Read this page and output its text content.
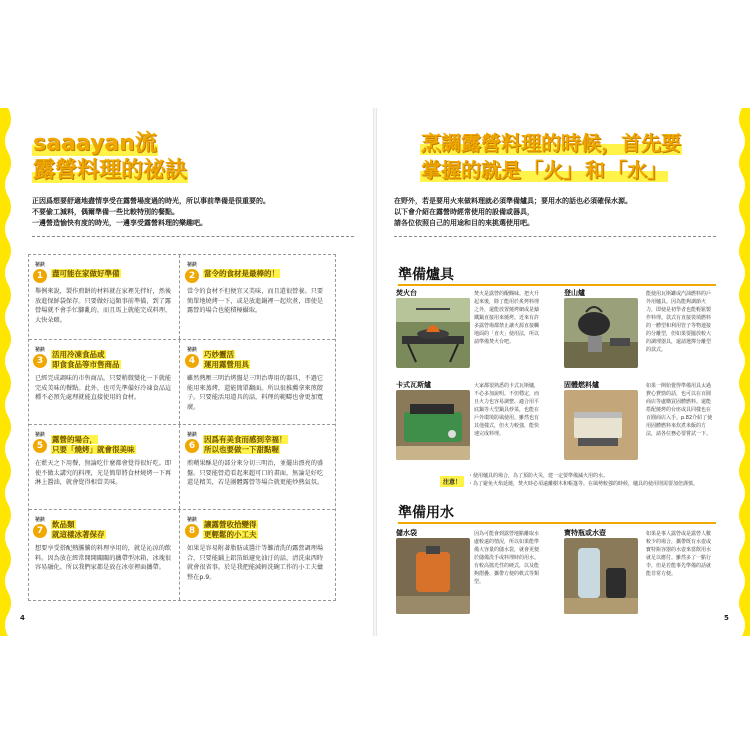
saaayan流
露營料理的祕訣
正因爲想要舒適地盡情享受在露營場度過的時光，所以事前準備是很重要的。
不要偷工減料，偶爾準備一些比較特別的餐點。
一邊營造愉快有度的時光，一邊享受露營料理的樂趣吧。
祕訣
1	盡可能在家做好準備
舉例來說，製作煎餅的材料就在家裡先拌好，然後放進保鮮袋保存。只要做好這類事前準備，到了露營場就不會手忙腳亂的，而且馬上就能完成料理、大快朵頤。
祕訣
2	當令的食材是最棒的！
當令的食材不但便宜又美味，而且還很營養。只要簡單地燒烤一下，或是放進鍋裡一起炊煮，即使是露營的場合也能積極攝取。
祕訣
3
活用冷凍食品或
即食食品等市售商品
已經完成調味的市售商品，只要稍微變化一下就能完成美味的餐點。此外，也可先準備好冷凍食品這種不必預先處理就能直接使用的食材。
祕訣
4
巧妙靈活
運用露營用具
雖然熱壓三明治烤盤是三明治專用的器具，不過它能用來蒸烤，還能簡單翻面。所以很推薦拿來煎餃子。只要能活用道具的話，料理的範疇也會更加寬廣。
祕訣
5
露營的場合，
只要「燒烤」就會很美味
在藍天之下用餐，無論吃什麼都會覺得很好吃。即使不做太講究的料理，光是簡單將食材燒烤一下再淋上醬油，就會覺得相當美味。
祕訣
6
因爲有美食而感到幸福！
所以也要做一下甜點喔
煎蘋果酥是的部分來分切三明治，並擺出漂亮的盛盤。只要能營造看起來超可口的畫面，無論是好吃還是精美，若是團體露營等場合就更能炒熱氣氛。
祕訣
7
飲品類
就這樣冰著保存
想要享受搭配熱騰騰的料理享用的，就是沁涼的飲料。因為放在經常開開關關的攜帶型冰箱，冰塊很容易融化。所以我們家都是放在冰壺裡面攜帶。
祕訣
8
讓露營收拾變得
更輕鬆的小工夫
如果是容易附著脂肪或醬汁等難清洗的露營調理場合，只要能鋪上鋁箔紙避免油汙的話，清洗東西時就會很省事。於是我把能減輕洗碗工作的小工夫彙整在p.9。
4
烹調露營料理的時候，首先要
掌握的就是 「火」 和 「水」
在野外，若是要用火來做料理就必須準備爐具；要用水的話也必須確保水源。
以下會介紹在露營時經常使用的設備或器具，
請各位依照自己的用途和目的來挑選使用吧。
準備爐具
焚火台	焚火是露營的醍醐味。把火升起來後，除了能用於炙烤料理之外，還能放置燒烤網或是鑄鐵鍋直接用來燒烤。近來有許多露營場都禁止讓火源直接觸地面的「直火」使用法，所以請準備焚火台吧。
登山爐	能使用瓦斯罐或汽油燃料的戶外用爐具。因為能夠調節火力，即使是初學者也能輕鬆製作料理。款式有直接裝填燃料的一體型和利用管子等物連接的分離型，但如果要擺放較大的調理器具，還請選擇分離型的款式。
卡式瓦斯爐	大家都很熟悉的卡式瓦斯爐，不必多加說明。不但穩定，而且火力也容易調整、適合用平底鍋等大型鍋具炒菜，也能在戶外環境防風使用。雖然也有其他樣式，但火力較強，能快速完成料理。
固體燃料爐	如果一開始覺得準備用具太過費心費勁的話，也可以在百圓商店等處購買固體燃料。還能搭配燒烤的台座或具同樣也在百圓商店入手。p.82介紹了使用固體燃料來炊煮米飯的方法，請各位務必要嘗試一下。
注意！
・使用爐具的場合，為了預防火災，建一定要準備滅火用的水。
・為了避免火焰延燒，焚火時必須遠離樹木和帳篷等。在風勢較強的時候，爐具的使用則需要加倍謹慎。
準備用水
儲水袋	因為可能會到露營地點離取水處較遠的情況，所以如果能準備大容量的儲水袋，就會更便於儲備洗手或料理時的用水。有較高擋光性的硬式，以及能夠摺疊、攜帶方便的軟式等類型。
寶特瓶或水壺	如果是事人露營或是露營人數較少的場合，攜帶既有水壺或寶特瓶容器的水壺來當飲用水就足以應付。雖然多了一點行李，但是若能事先準備的話就能非常方便。
5
